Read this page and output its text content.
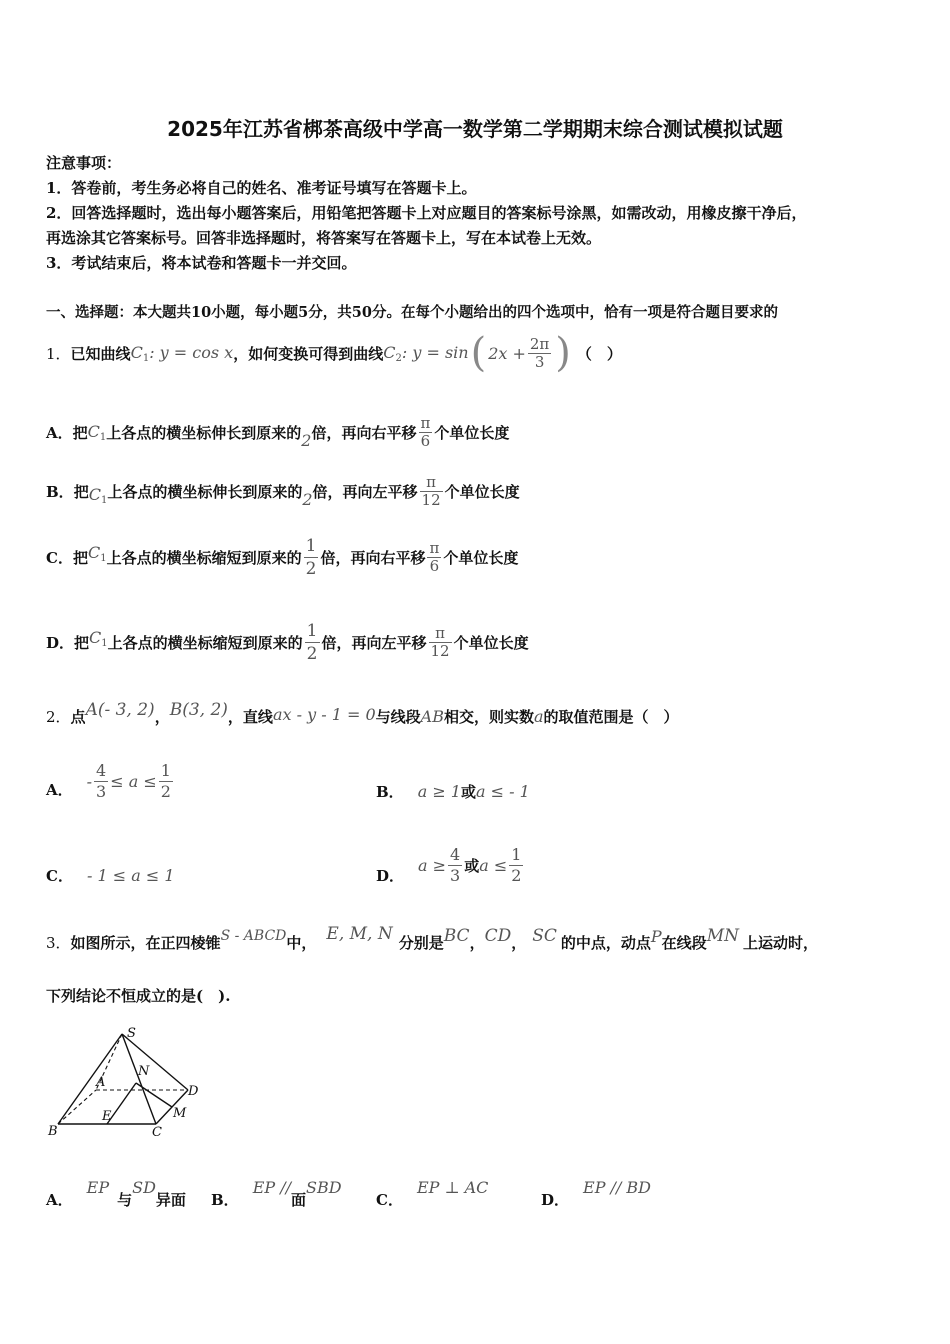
2025年江苏省梆茶高级中学高一数学第二学期期末综合测试模拟试题
注意事项：
1．答卷前，考生务必将自己的姓名、准考证号填写在答题卡上。
2．回答选择题时，选出每小题答案后，用铅笔把答题卡上对应题目的答案标号涂黑，如需改动，用橡皮擦干净后，
再选涂其它答案标号。回答非选择题时，将答案写在答题卡上，写在本试卷上无效。
3．考试结束后，将本试卷和答题卡一并交回。
一、选择题：本大题共10小题，每小题5分，共50分。在每个小题给出的四个选项中，恰有一项是符合题目要求的
1． 已知曲线 $C_1$: y = cos x ，如何变换可得到曲线 $C_2$: y = sin ( $2x + \frac{2\pi}{3}$ ) （　）
A． 把 $C_1$ 上各点的横坐标伸长到原来的 2 倍，再向右平移 $\frac{\pi}{6}$ 个单位长度
B． 把 $C_1$ 上各点的横坐标伸长到原来的 2 倍，再向左平移 $\frac{\pi}{12}$ 个单位长度
C． 把 $C_1$ 上各点的横坐标缩短到原来的 $\frac{1}{2}$ 倍，再向右平移 $\frac{\pi}{6}$ 个单位长度
D． 把 $C_1$ 上各点的横坐标缩短到原来的 $\frac{1}{2}$ 倍，再向左平移 $\frac{\pi}{12}$ 个单位长度
2． 点 A(- 3, 2) ， B(3, 2) ，直线 ax - y - 1 = 0 与线段 AB 相交，则实数 a 的取值范围是（　）
A． - $\frac{4}{3} \le a \le \frac{1}{2}$	B． a ≥ 1 或 a ≤ - 1
C． - 1 ≤ a ≤ 1	D．
$a \ge \frac{4}{3}$ 或 $a \le \frac{1}{2}$
3． 如图所示，在正四棱锥 S - ABCD 中， E, M, N 分别是 BC ， CD ， SC 的中点，动点 P 在线段 MN 上运动时，
下列结论不恒成立的是(　).
S
N
A
D
E	M
B	C
A．
EP
与
SD
异面 B．
EP //
面
SBD
C．
EP ⊥ AC
D．
EP // BD
